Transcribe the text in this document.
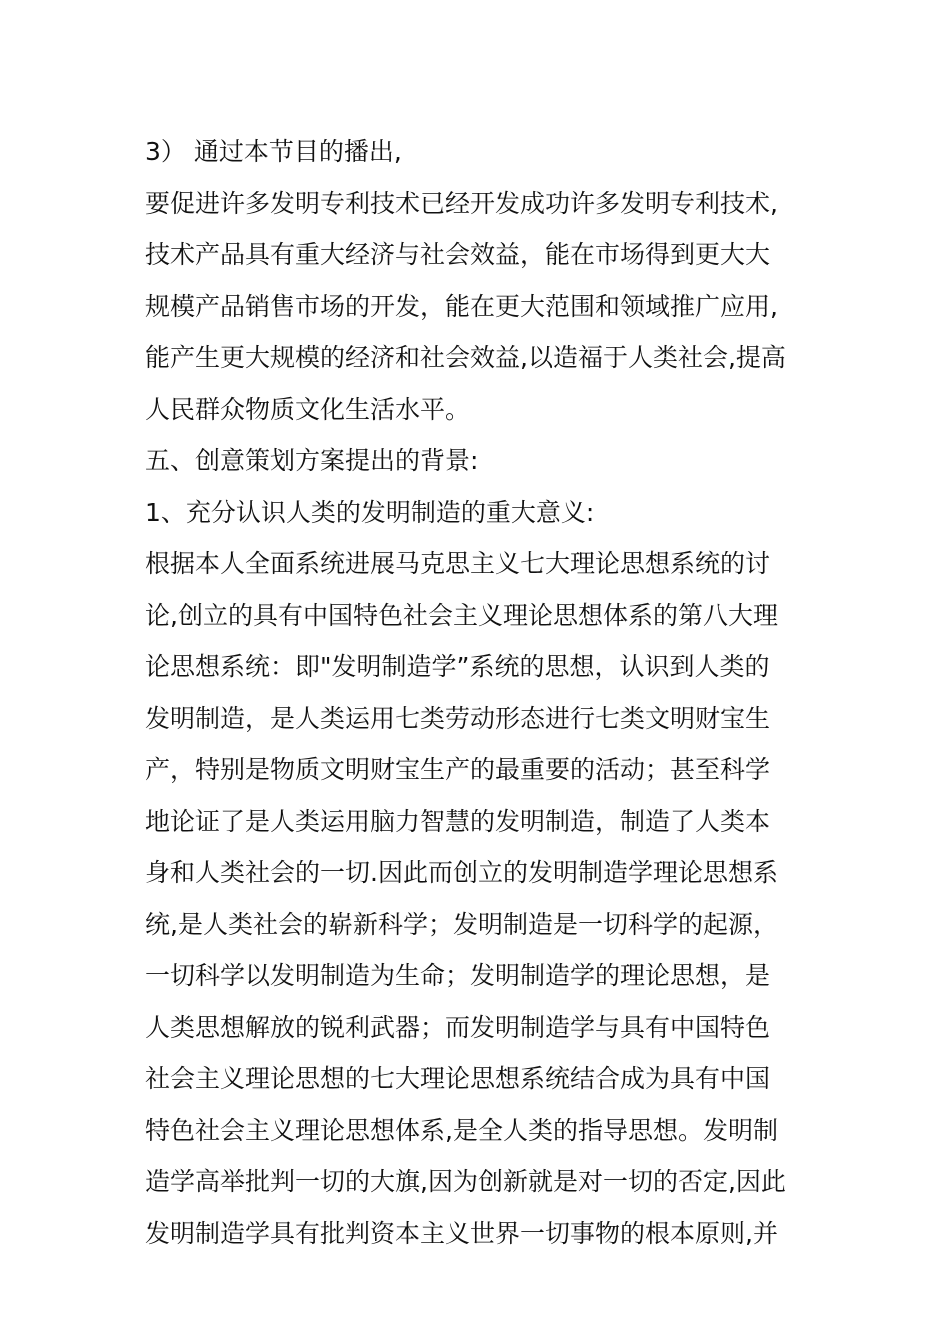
3） 通过本节目的播出,
要促进许多发明专利技术已经开发成功许多发明专利技术,
技术产品具有重大经济与社会效益，能在市场得到更大大
规模产品销售市场的开发，能在更大范围和领域推广应用,
能产生更大规模的经济和社会效益,以造福于人类社会,提高
人民群众物质文化生活水平。
五、创意策划方案提出的背景:
1、充分认识人类的发明制造的重大意义:
根据本人全面系统进展马克思主义七大理论思想系统的讨
论,创立的具有中国特色社会主义理论思想体系的第八大理
论思想系统：即"发明制造学”系统的思想，认识到人类的
发明制造，是人类运用七类劳动形态进行七类文明财宝生
产，特别是物质文明财宝生产的最重要的活动；甚至科学
地论证了是人类运用脑力智慧的发明制造，制造了人类本
身和人类社会的一切.因此而创立的发明制造学理论思想系
统,是人类社会的崭新科学；发明制造是一切科学的起源，
一切科学以发明制造为生命；发明制造学的理论思想，是
人类思想解放的锐利武器；而发明制造学与具有中国特色
社会主义理论思想的七大理论思想系统结合成为具有中国
特色社会主义理论思想体系,是全人类的指导思想。发明制
造学高举批判一切的大旗,因为创新就是对一切的否定,因此
发明制造学具有批判资本主义世界一切事物的根本原则,并
